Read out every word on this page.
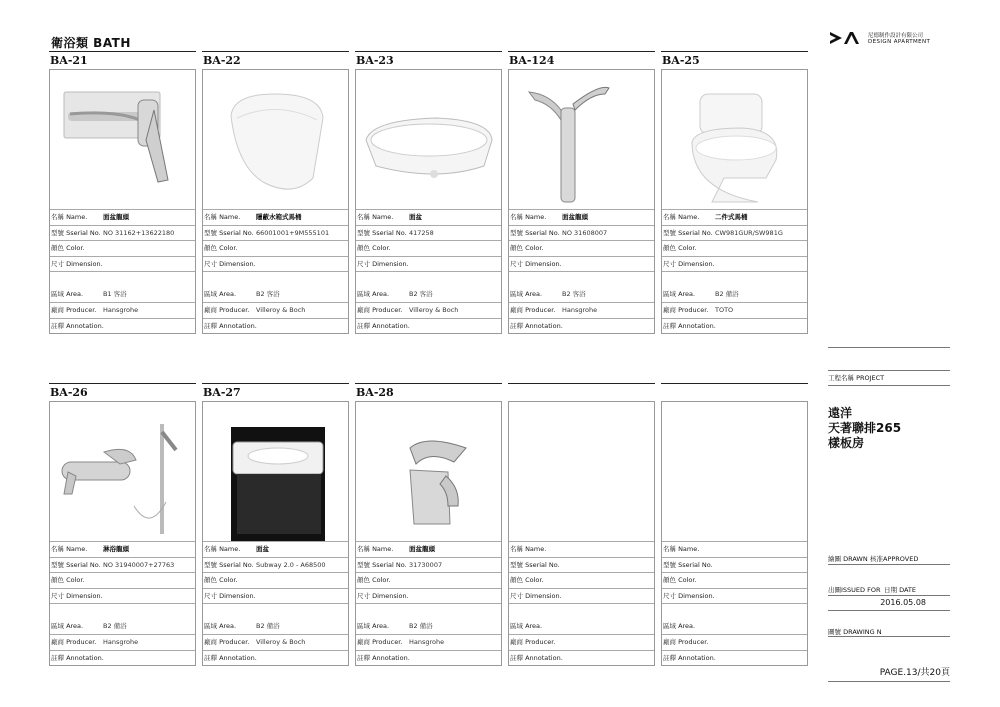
衛浴類 BATH	尼德制作設計有限公司
DESIGN APARTMENT
BA-21
名稱 Name. 面盆龍頭
型號 Sserial No. NO 31162+13622180
顏色 Color.
尺寸 Dimension.
區域 Area.	B1 客浴
廠商 Producer. Hansgrohe
註釋 Annotation.
BA-22
名稱 Name. 隱蔽水箱式馬桶
型號 Sserial No. 66001001+9M555101
顏色 Color.
尺寸 Dimension.
區域 Area.	B2 客浴
廠商 Producer. Villeroy & Boch
註釋 Annotation.
BA-23
名稱 Name. 面盆
型號 Sserial No. 417258
顏色 Color.
尺寸 Dimension.
區域 Area.	B2 客浴
廠商 Producer. Villeroy & Boch
註釋 Annotation.
BA-124
名稱 Name. 面盆龍頭
型號 Sserial No. NO 31608007
顏色 Color.
尺寸 Dimension.
區域 Area.	B2 客浴
廠商 Producer. Hansgrohe
註釋 Annotation.
BA-25
名稱 Name. 二件式馬桶
型號 Sserial No. CW981GUR/SW981G
顏色 Color.
尺寸 Dimension.
區域 Area.	B2 備浴
廠商 Producer. TOTO
註釋 Annotation.
BA-26
名稱 Name. 淋浴龍頭
型號 Sserial No. NO 31940007+27763
顏色 Color.
尺寸 Dimension.
區域 Area.	B2 備浴
廠商 Producer. Hansgrohe
註釋 Annotation.
BA-27
名稱 Name. 面盆
型號 Sserial No. Subway 2.0 - A68500
顏色 Color.
尺寸 Dimension.
區域 Area.	B2 備浴
廠商 Producer. Villeroy & Boch
註釋 Annotation.
BA-28
名稱 Name. 面盆龍頭
型號 Sserial No. 31730007
顏色 Color.
尺寸 Dimension.
區域 Area.	B2 備浴
廠商 Producer. Hansgrohe
註釋 Annotation.
名稱 Name.
型號 Sserial No.
顏色 Color.
尺寸 Dimension.
區域 Area.
廠商 Producer.
註釋 Annotation.
名稱 Name.
型號 Sserial No.
顏色 Color.
尺寸 Dimension.
區域 Area.
廠商 Producer.
註釋 Annotation.
工程名稱 PROJECT
遠洋
天著聯排265
樣板房
繪圖 DRAWN 核准APPROVED
出圖ISSUED FOR 日期 DATE
2016.05.08
圖號 DRAWING N
PAGE.13/共20頁
